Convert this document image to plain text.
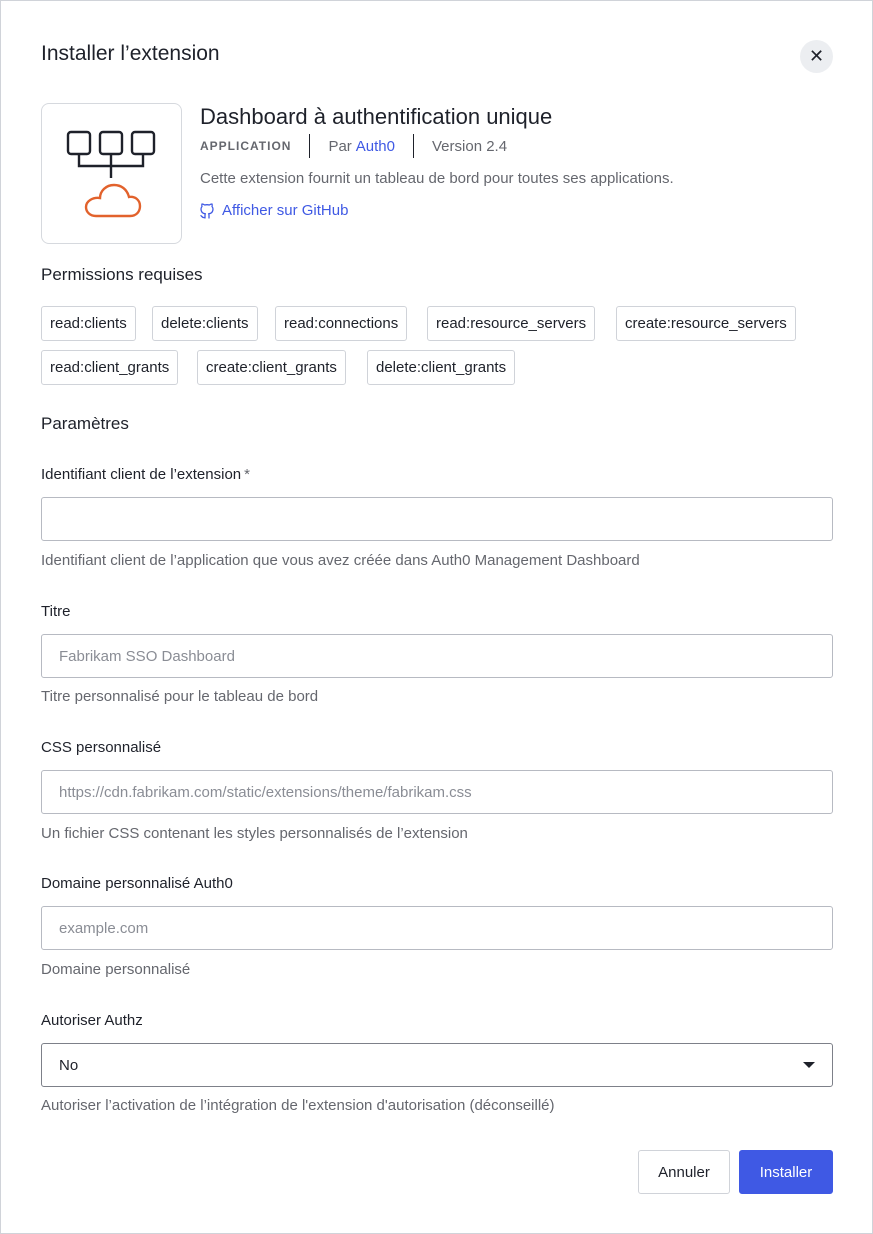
Installer l’extension	✕
Dashboard à authentification unique
APPLICATION Par Auth0 Version 2.4
Cette extension fournit un tableau de bord pour toutes ses applications.
Afficher sur GitHub
Permissions requises
read:clients	delete:clients	read:connections	read:resource_servers	create:resource_servers
read:client_grants	create:client_grants	delete:client_grants
Paramètres
Identifiant client de l’extension *
Identifiant client de l’application que vous avez créée dans Auth0 Management Dashboard
Titre
Fabrikam SSO Dashboard
Titre personnalisé pour le tableau de bord
CSS personnalisé
https://cdn.fabrikam.com/static/extensions/theme/fabrikam.css
Un fichier CSS contenant les styles personnalisés de l’extension
Domaine personnalisé Auth0
example.com
Domaine personnalisé
Autoriser Authz
No
Autoriser l’activation de l’intégration de l'extension d'autorisation (déconseillé)
Annuler	Installer
